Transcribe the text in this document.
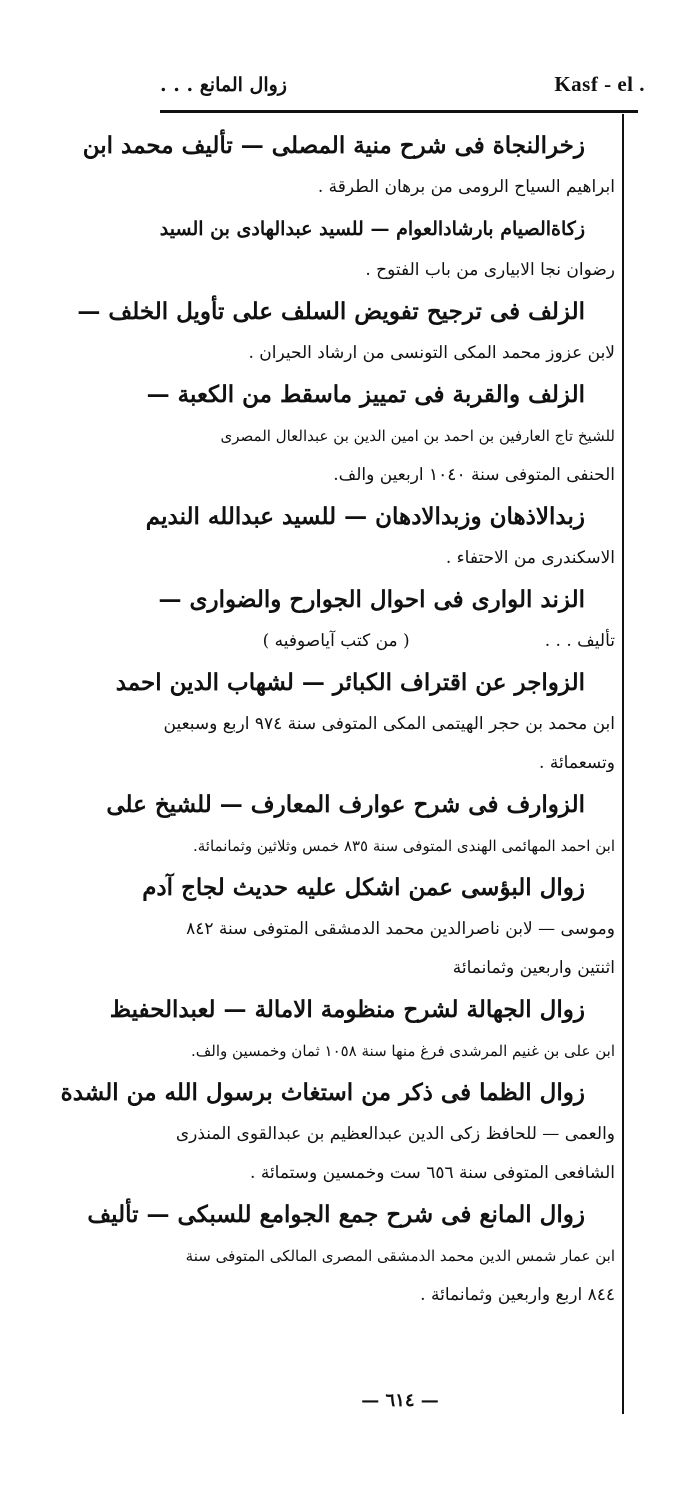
زوال المانع . . .	Kasf - el .
زخرالنجاة فى شرح منية المصلى — تأليف محمد ابن
ابراهيم السياح الرومى من برهان الطرقة .
زكاةالصيام بارشادالعوام — للسيد عبدالهادى بن السيد
رضوان نجا الابيارى من باب الفتوح .
الزلف فى ترجيح تفويض السلف على تأويل الخلف —
لابن عزوز محمد المكى التونسى من ارشاد الحيران .
الزلف والقربة فى تمييز ماسقط من الكعبة —
للشيخ تاج العارفين بن احمد بن امين الدين بن عبدالعال المصرى
الحنفى المتوفى سنة ١٠٤٠ اربعين والف.
زبدالاذهان وزبدالادهان — للسيد عبدالله النديم
الاسكندرى من الاحتفاء .
الزند الوارى فى احوال الجوارح والضوارى —
تأليف . . .                         ( من كتب آياصوفيه )
الزواجر عن اقتراف الكبائر — لشهاب الدين احمد
ابن محمد بن حجر الهيتمى المكى المتوفى سنة ٩٧٤ اربع وسبعين
وتسعمائة .
الزوارف فى شرح عوارف المعارف — للشيخ على
ابن احمد المهائمى الهندى المتوفى سنة ٨٣٥ خمس وثلاثين وثمانمائة.
زوال البؤسى عمن اشكل عليه حديث لجاج آدم
وموسى — لابن ناصرالدين محمد الدمشقى المتوفى سنة ٨٤٢
اثنتين واربعين وثمانمائة
زوال الجهالة لشرح منظومة الامالة — لعبدالحفيظ
ابن على بن غنيم المرشدى فرغ منها سنة ١٠٥٨ ثمان وخمسين والف.
زوال الظما فى ذكر من استغاث برسول الله من الشدة
والعمى — للحافظ زكى الدين عبدالعظيم بن عبدالقوى المنذرى
الشافعى المتوفى سنة ٦٥٦ ست وخمسين وستمائة .
زوال المانع فى شرح جمع الجوامع للسبكى — تأليف
ابن عمار شمس الدين محمد الدمشقى المصرى المالكى المتوفى سنة
٨٤٤ اربع واربعين وثمانمائة .
— ٦١٤ —
